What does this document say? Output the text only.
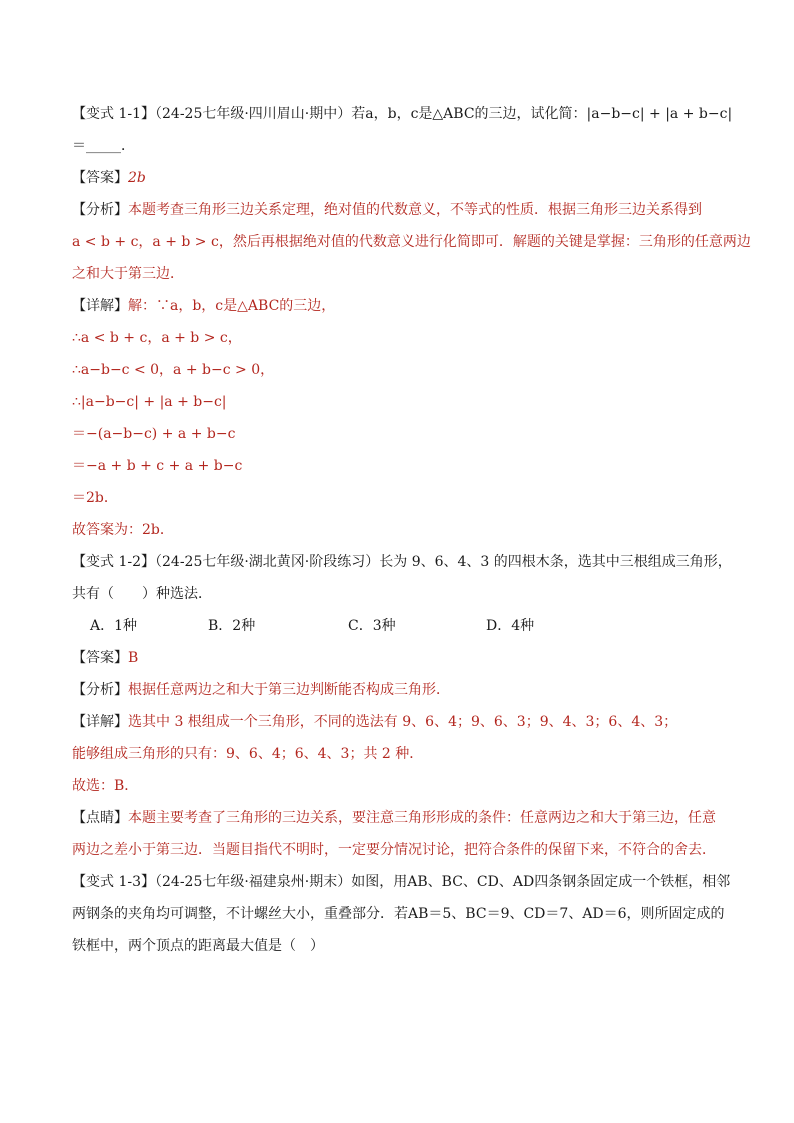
【变式 1-1】（24-25七年级·四川眉山·期中）若a，b，c是△ABC的三边，试化简：|a−b−c| + |a + b−c|
＝_____．
【答案】2b
【分析】本题考查三角形三边关系定理，绝对值的代数意义，不等式的性质．根据三角形三边关系得到
a < b + c，a + b > c，然后再根据绝对值的代数意义进行化简即可．解题的关键是掌握：三角形的任意两边
之和大于第三边．
【详解】解：∵a，b，c是△ABC的三边，
∴a < b + c，a + b > c，
∴a−b−c < 0，a + b−c > 0，
∴|a−b−c| + |a + b−c|
＝−(a−b−c) + a + b−c
＝−a + b + c + a + b−c
＝2b．
故答案为：2b．
【变式 1-2】（24-25七年级·湖北黄冈·阶段练习）长为 9、6、4、3 的四根木条，选其中三根组成三角形，
共有（　　）种选法．
A．1种	B．2种	C．3种	D．4种
【答案】B
【分析】根据任意两边之和大于第三边判断能否构成三角形．
【详解】选其中 3 根组成一个三角形，不同的选法有 9、6、4；9、6、3；9、4、3；6、4、3；
能够组成三角形的只有：9、6、4；6、4、3；共 2 种．
故选：B．
【点睛】本题主要考查了三角形的三边关系，要注意三角形形成的条件：任意两边之和大于第三边，任意
两边之差小于第三边．当题目指代不明时，一定要分情况讨论，把符合条件的保留下来，不符合的舍去．
【变式 1-3】（24-25七年级·福建泉州·期末）如图，用AB、BC、CD、AD四条钢条固定成一个铁框，相邻
两钢条的夹角均可调整，不计螺丝大小，重叠部分．若AB＝5、BC＝9、CD＝7、AD＝6，则所固定成的
铁框中，两个顶点的距离最大值是（　）
